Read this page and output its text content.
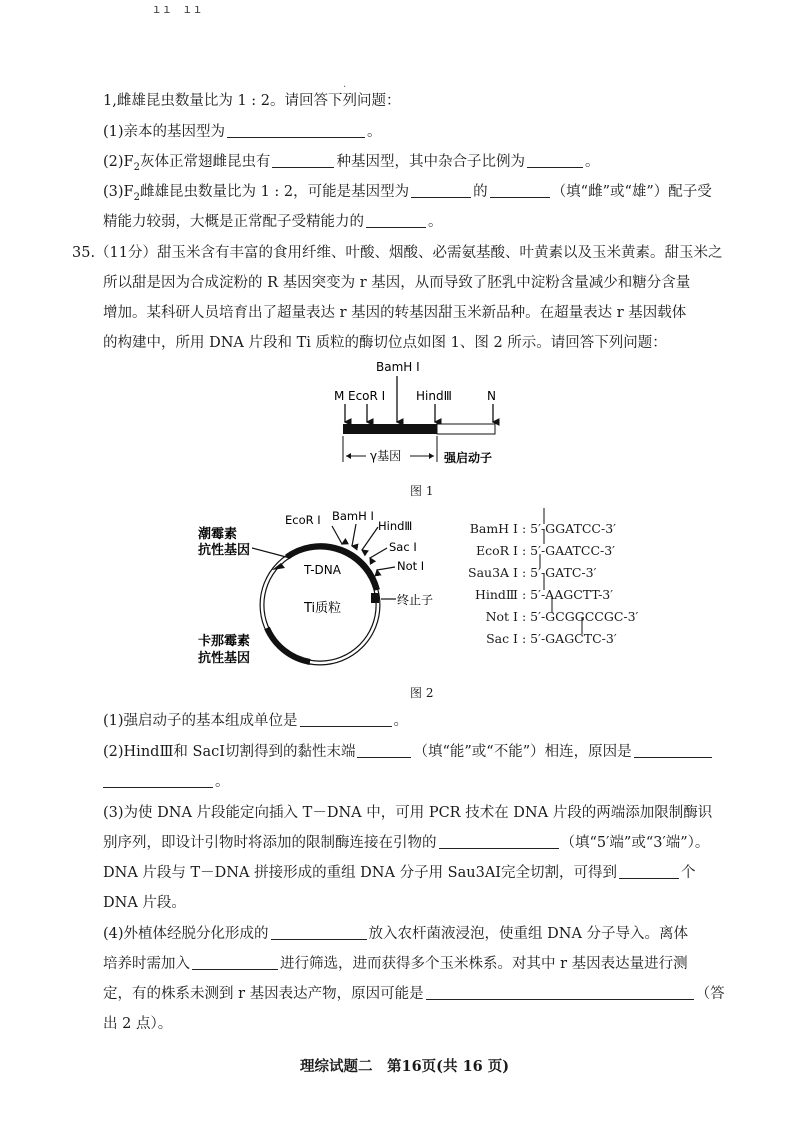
ıı ıı
·
1,雌雄昆虫数量比为 1 : 2。请回答下列问题：
(1)亲本的基因型为	。
$(2)F_2$灰体正常翅雌昆虫有	种基因型，其中杂合子比例为	。
$(3)F_2$雌雄昆虫数量比为 1 : 2，可能是基因型为	的	（填“雌”或“雄”）配子受
精能力较弱，大概是正常配子受精能力的	。
35.（11分）甜玉米含有丰富的食用纤维、叶酸、烟酸、必需氨基酸、叶黄素以及玉米黄素。甜玉米之
所以甜是因为合成淀粉的 R 基因突变为 r 基因，从而导致了胚乳中淀粉含量减少和糖分含量
增加。某科研人员培育出了超量表达 r 基因的转基因甜玉米新品种。在超量表达 r 基因载体
的构建中，所用 DNA 片段和 Ti 质粒的酶切位点如图 1、图 2 所示。请回答下列问题：
BamH I
M EcoR I	HindⅢ	N
γ基因	强启动子
图 1
EcoR I BamH I
HindⅢ
Sac I
Not I
T-DNA
Ti质粒
终止子
潮霉素
抗性基因
卡那霉素
抗性基因
BamH I : 5′-GGATCC-3′
EcoR I : 5′-GAATCC-3′
Sau3A I : 5′-GATC-3′
HindⅢ : 5′-AAGCTT-3′
Not I : 5′-GCGGCCGC-3′
Sac I : 5′-GAGCTC-3′
图 2
(1)强启动子的基本组成单位是	。
(2)HindⅢ和 SacⅠ切割得到的黏性末端	（填“能”或“不能”）相连，原因是
。
(3)为使 DNA 片段能定向插入 T－DNA 中，可用 PCR 技术在 DNA 片段的两端添加限制酶识
别序列，即设计引物时将添加的限制酶连接在引物的	（填“5′端”或“3′端”）。
DNA 片段与 T－DNA 拼接形成的重组 DNA 分子用 Sau3AⅠ完全切割，可得到	个
DNA 片段。
(4)外植体经脱分化形成的	放入农杆菌液浸泡，使重组 DNA 分子导入。离体
培养时需加入	进行筛选，进而获得多个玉米株系。对其中 r 基因表达量进行测
定，有的株系未测到 r 基因表达产物，原因可能是	（答
出 2 点）。
理综试题二　第16页(共 16 页)
